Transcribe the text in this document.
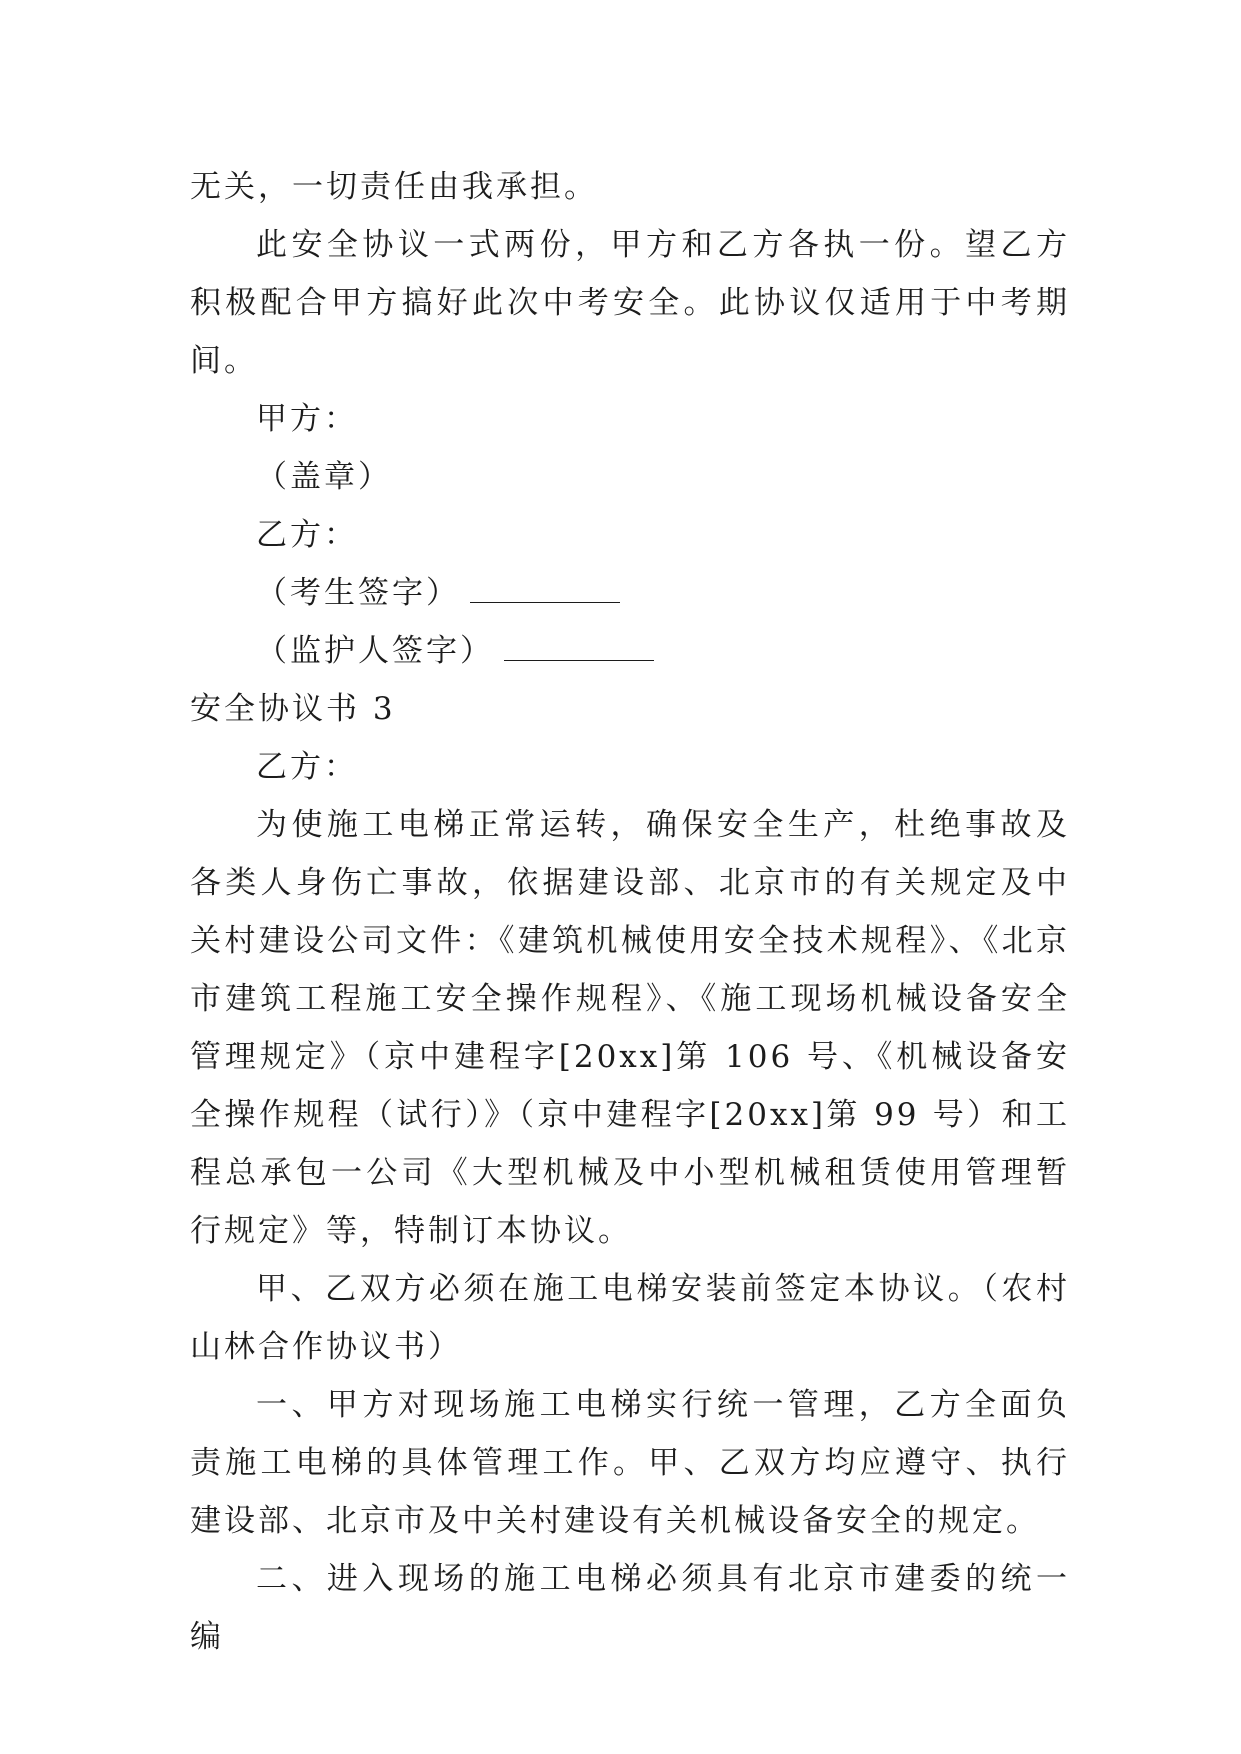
无关，一切责任由我承担。

此安全协议一式两份，甲方和乙方各执一份。望乙方积极配合甲方搞好此次中考安全。此协议仅适用于中考期间。

甲方：

（盖章）

乙方：

（考生签字）

（监护人签字）

安全协议书 3

乙方：

为使施工电梯正常运转，确保安全生产，杜绝事故及各类人身伤亡事故，依据建设部、北京市的有关规定及中关村建设公司文件：《建筑机械使用安全技术规程》、《北京市建筑工程施工安全操作规程》、《施工现场机械设备安全管理规定》（京中建程字[20xx]第 106 号、《机械设备安全操作规程（试行）》（京中建程字[20xx]第 99 号）和工程总承包一公司《大型机械及中小型机械租赁使用管理暂行规定》等，特制订本协议。

甲、乙双方必须在施工电梯安装前签定本协议。（农村山林合作协议书）

一、甲方对现场施工电梯实行统一管理，乙方全面负责施工电梯的具体管理工作。甲、乙双方均应遵守、执行建设部、北京市及中关村建设有关机械设备安全的规定。

二、进入现场的施工电梯必须具有北京市建委的统一编
